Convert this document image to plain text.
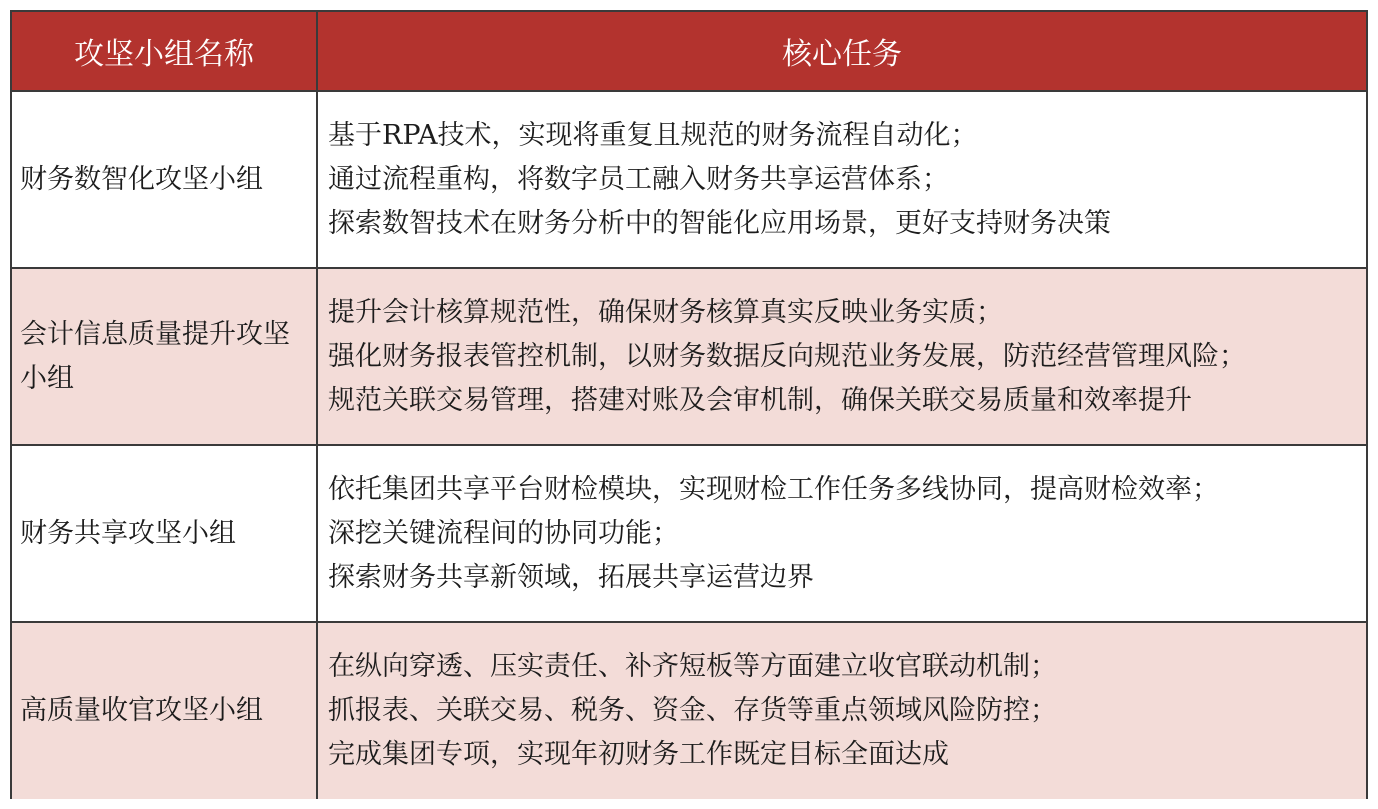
攻坚小组名称	核心任务
财务数智化攻坚小组	基于RPA技术，实现将重复且规范的财务流程自动化；
通过流程重构，将数字员工融入财务共享运营体系；
探索数智技术在财务分析中的智能化应用场景，更好支持财务决策

会计信息质量提升攻坚小组	提升会计核算规范性，确保财务核算真实反映业务实质；
强化财务报表管控机制，以财务数据反向规范业务发展，防范经营管理风险；
规范关联交易管理，搭建对账及会审机制，确保关联交易质量和效率提升

财务共享攻坚小组	依托集团共享平台财检模块，实现财检工作任务多线协同，提高财检效率；
深挖关键流程间的协同功能；
探索财务共享新领域，拓展共享运营边界

高质量收官攻坚小组	在纵向穿透、压实责任、补齐短板等方面建立收官联动机制；
抓报表、关联交易、税务、资金、存货等重点领域风险防控；
完成集团专项，实现年初财务工作既定目标全面达成
